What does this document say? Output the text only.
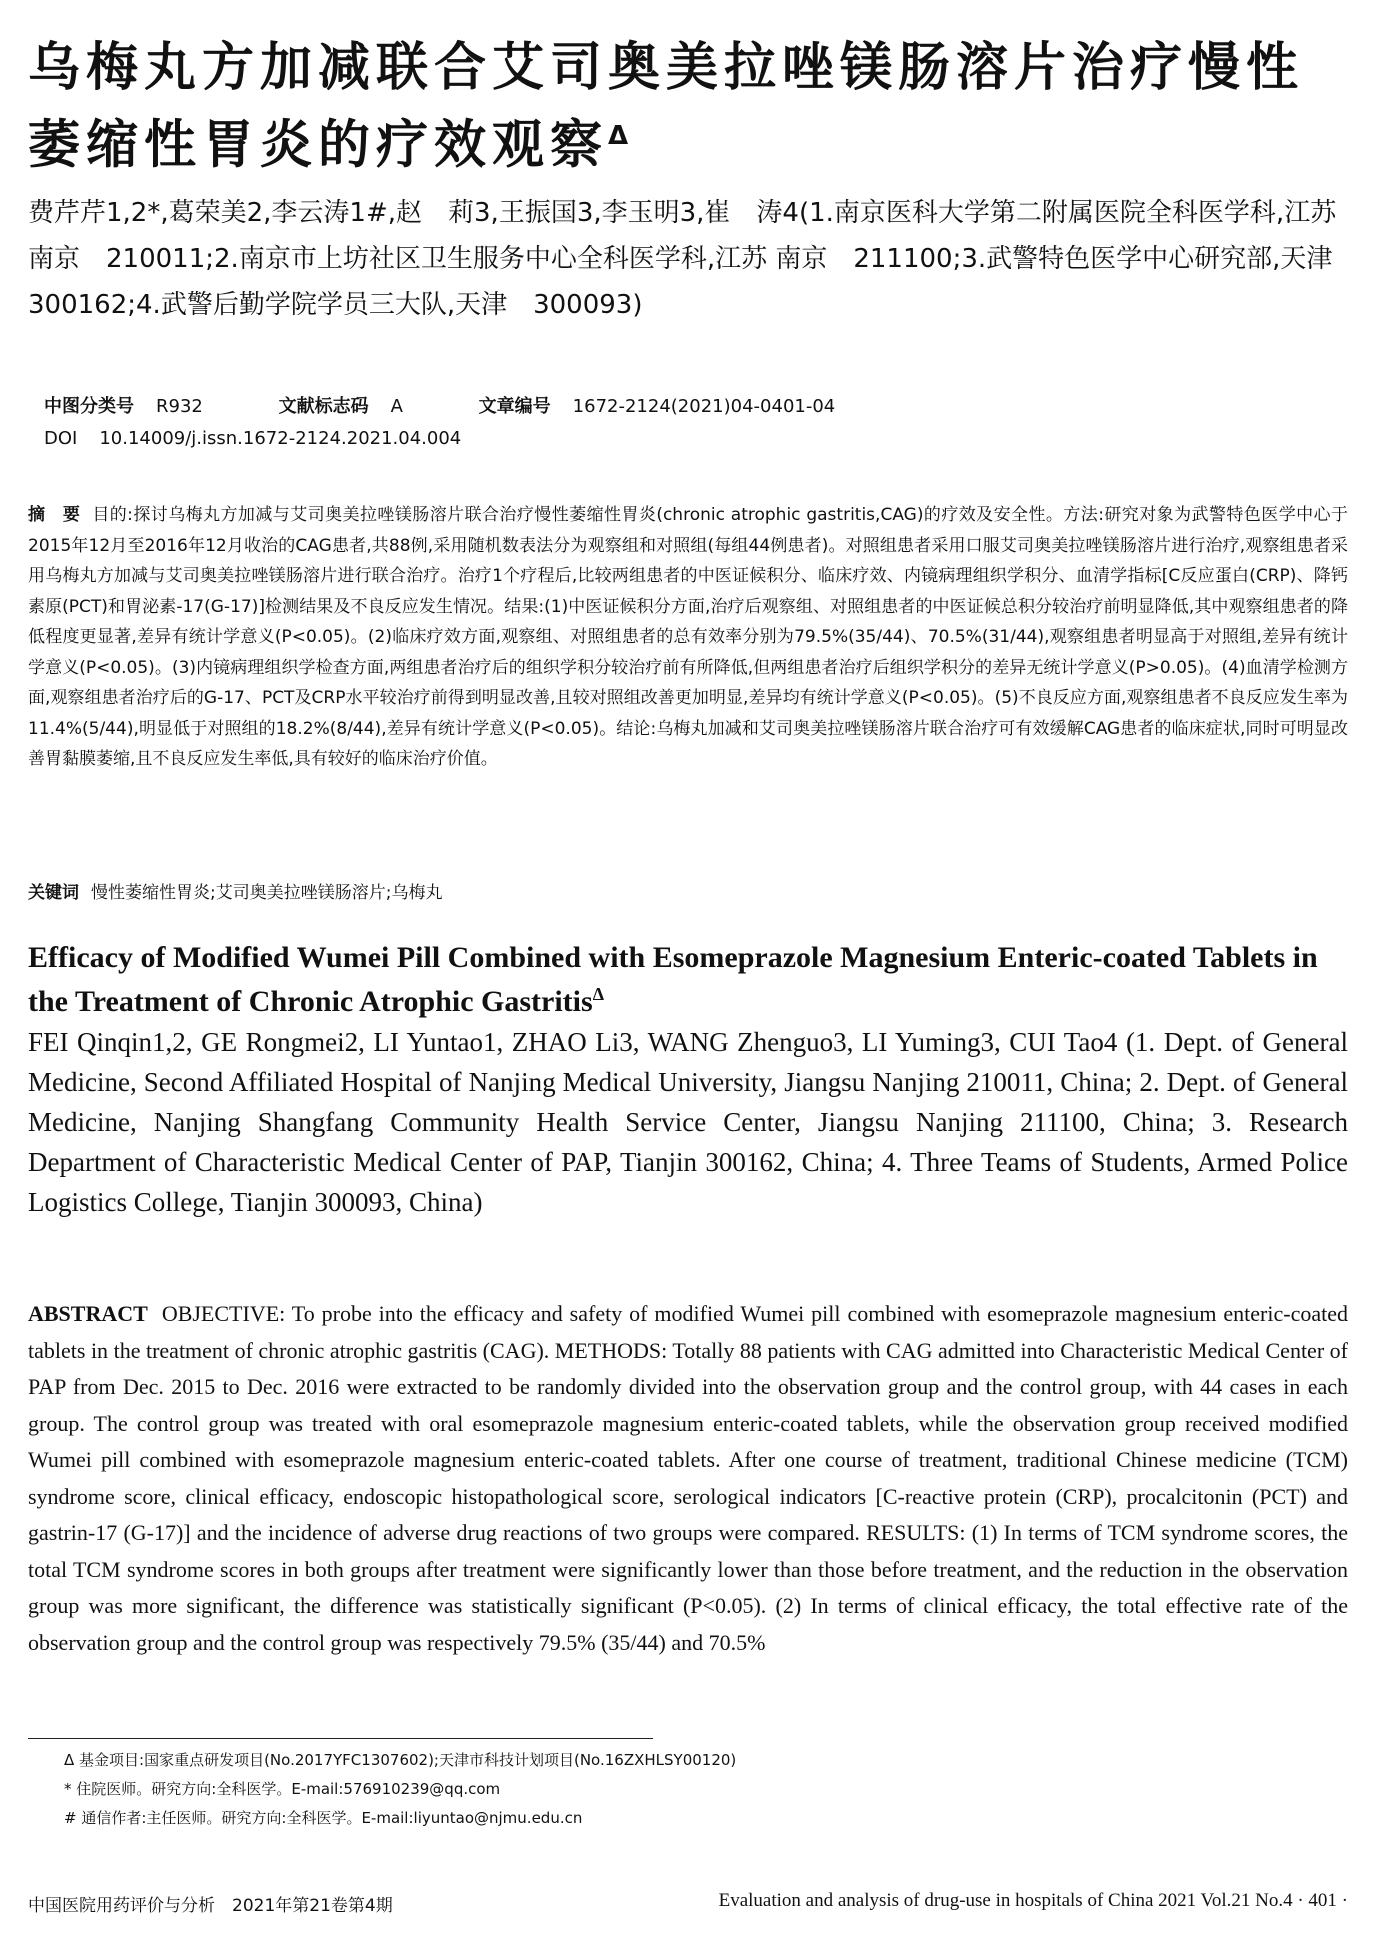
乌梅丸方加减联合艾司奥美拉唑镁肠溶片治疗慢性萎缩性胃炎的疗效观察$^\Delta$
费芹芹1,2*,葛荣美2,李云涛1#,赵　莉3,王振国3,李玉明3,崔　涛4(1.南京医科大学第二附属医院全科医学科,江苏 南京　210011;2.南京市上坊社区卫生服务中心全科医学科,江苏 南京　211100;3.武警特色医学中心研究部,天津　300162;4.武警后勤学院学员三大队,天津　300093)
中图分类号 R932	文献标志码 A	文章编号 1672-2124(2021)04-0401-04
DOI 10.14009/j.issn.1672-2124.2021.04.004
摘　要 目的:探讨乌梅丸方加减与艾司奥美拉唑镁肠溶片联合治疗慢性萎缩性胃炎(chronic atrophic gastritis,CAG)的疗效及安全性。方法:研究对象为武警特色医学中心于2015年12月至2016年12月收治的CAG患者,共88例,采用随机数表法分为观察组和对照组(每组44例患者)。对照组患者采用口服艾司奥美拉唑镁肠溶片进行治疗,观察组患者采用乌梅丸方加减与艾司奥美拉唑镁肠溶片进行联合治疗。治疗1个疗程后,比较两组患者的中医证候积分、临床疗效、内镜病理组织学积分、血清学指标[C反应蛋白(CRP)、降钙素原(PCT)和胃泌素-17(G-17)]检测结果及不良反应发生情况。结果:(1)中医证候积分方面,治疗后观察组、对照组患者的中医证候总积分较治疗前明显降低,其中观察组患者的降低程度更显著,差异有统计学意义(P<0.05)。(2)临床疗效方面,观察组、对照组患者的总有效率分别为79.5%(35/44)、70.5%(31/44),观察组患者明显高于对照组,差异有统计学意义(P<0.05)。(3)内镜病理组织学检查方面,两组患者治疗后的组织学积分较治疗前有所降低,但两组患者治疗后组织学积分的差异无统计学意义(P>0.05)。(4)血清学检测方面,观察组患者治疗后的G-17、PCT及CRP水平较治疗前得到明显改善,且较对照组改善更加明显,差异均有统计学意义(P<0.05)。(5)不良反应方面,观察组患者不良反应发生率为11.4%(5/44),明显低于对照组的18.2%(8/44),差异有统计学意义(P<0.05)。结论:乌梅丸加减和艾司奥美拉唑镁肠溶片联合治疗可有效缓解CAG患者的临床症状,同时可明显改善胃黏膜萎缩,且不良反应发生率低,具有较好的临床治疗价值。
关键词 慢性萎缩性胃炎;艾司奥美拉唑镁肠溶片;乌梅丸
Efficacy of Modified Wumei Pill Combined with Esomeprazole Magnesium Enteric-coated Tablets in the Treatment of Chronic Atrophic Gastritis$^\Delta$
FEI Qinqin1,2, GE Rongmei2, LI Yuntao1, ZHAO Li3, WANG Zhenguo3, LI Yuming3, CUI Tao4 (1. Dept. of General Medicine, Second Affiliated Hospital of Nanjing Medical University, Jiangsu Nanjing 210011, China; 2. Dept. of General Medicine, Nanjing Shangfang Community Health Service Center, Jiangsu Nanjing 211100, China; 3. Research Department of Characteristic Medical Center of PAP, Tianjin 300162, China; 4. Three Teams of Students, Armed Police Logistics College, Tianjin 300093, China)
ABSTRACT OBJECTIVE: To probe into the efficacy and safety of modified Wumei pill combined with esomeprazole magnesium enteric-coated tablets in the treatment of chronic atrophic gastritis (CAG). METHODS: Totally 88 patients with CAG admitted into Characteristic Medical Center of PAP from Dec. 2015 to Dec. 2016 were extracted to be randomly divided into the observation group and the control group, with 44 cases in each group. The control group was treated with oral esomeprazole magnesium enteric-coated tablets, while the observation group received modified Wumei pill combined with esomeprazole magnesium enteric-coated tablets. After one course of treatment, traditional Chinese medicine (TCM) syndrome score, clinical efficacy, endoscopic histopathological score, serological indicators [C-reactive protein (CRP), procalcitonin (PCT) and gastrin-17 (G-17)] and the incidence of adverse drug reactions of two groups were compared. RESULTS: (1) In terms of TCM syndrome scores, the total TCM syndrome scores in both groups after treatment were significantly lower than those before treatment, and the reduction in the observation group was more significant, the difference was statistically significant (P<0.05). (2) In terms of clinical efficacy, the total effective rate of the observation group and the control group was respectively 79.5% (35/44) and 70.5%
Δ 基金项目:国家重点研发项目(No.2017YFC1307602);天津市科技计划项目(No.16ZXHLSY00120)
* 住院医师。研究方向:全科医学。E-mail:576910239@qq.com
# 通信作者:主任医师。研究方向:全科医学。E-mail:liyuntao@njmu.edu.cn
中国医院用药评价与分析　2021年第21卷第4期	Evaluation and analysis of drug-use in hospitals of China 2021 Vol.21 No.4 · 401 ·
